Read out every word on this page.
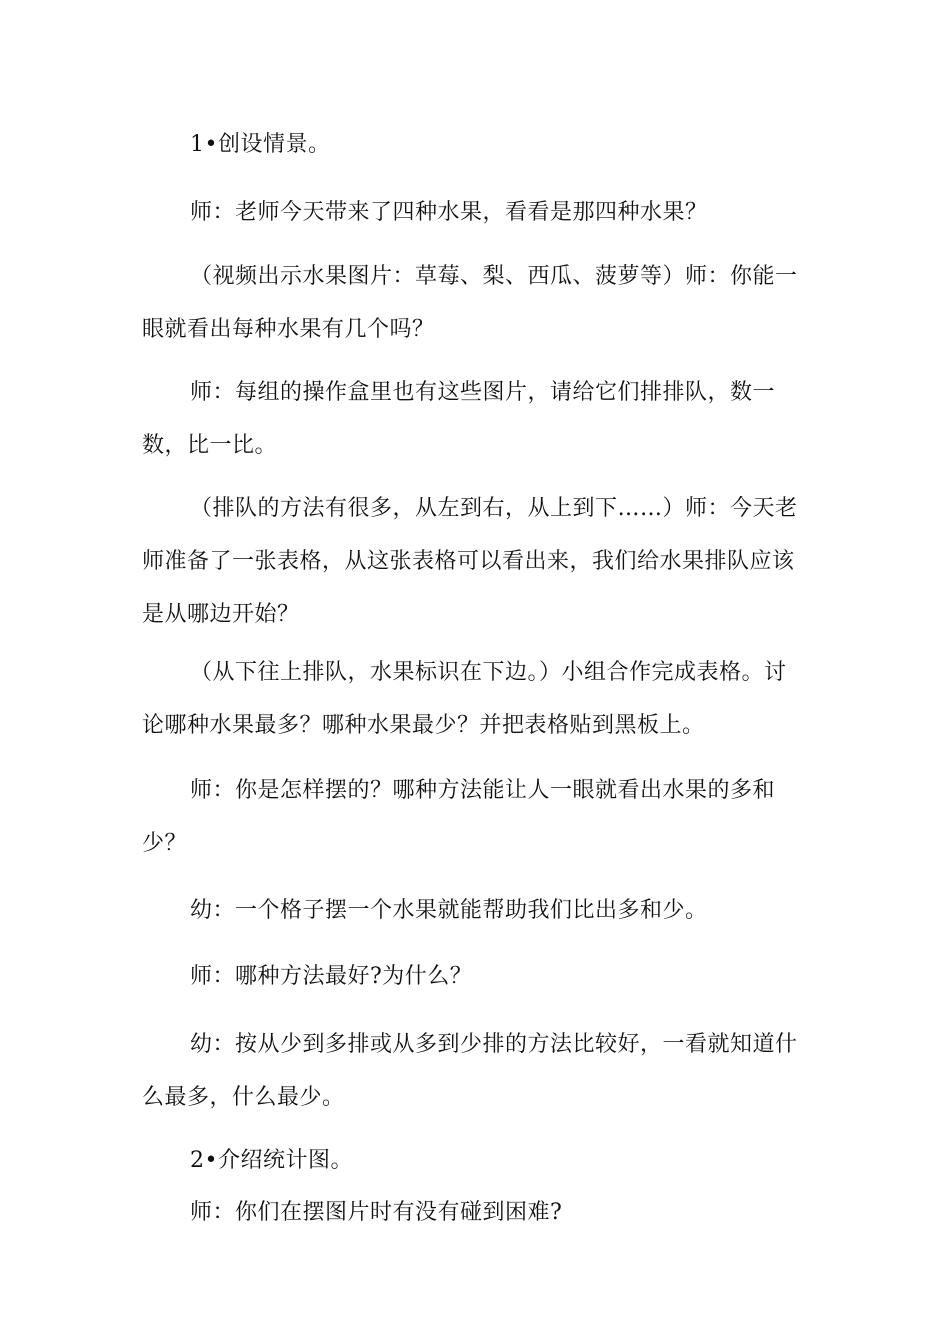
1•创设情景。

师：老师今天带来了四种水果，看看是那四种水果？

（视频出示水果图片：草莓、梨、西瓜、菠萝等）师：你能一眼就看出每种水果有几个吗？

师：每组的操作盒里也有这些图片，请给它们排排队，数一数，比一比。

（排队的方法有很多，从左到右，从上到下……）师：今天老师准备了一张表格，从这张表格可以看出来，我们给水果排队应该是从哪边开始？

（从下往上排队，水果标识在下边。）小组合作完成表格。讨论哪种水果最多？哪种水果最少？并把表格贴到黑板上。

师：你是怎样摆的？哪种方法能让人一眼就看出水果的多和少？

幼：一个格子摆一个水果就能帮助我们比出多和少。

师：哪种方法最好?为什么？

幼：按从少到多排或从多到少排的方法比较好，一看就知道什么最多，什么最少。

2•介绍统计图。

师：你们在摆图片时有没有碰到困难?
